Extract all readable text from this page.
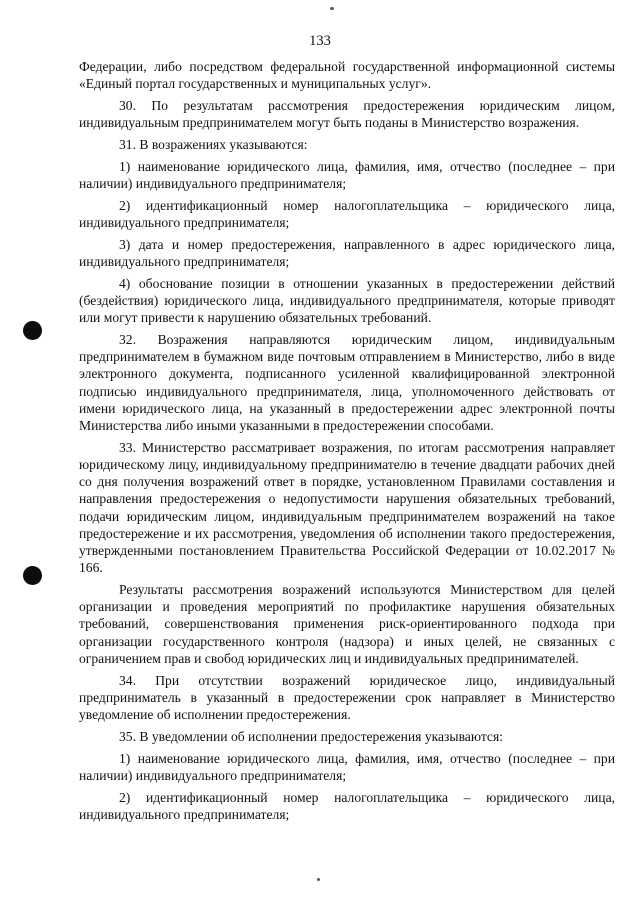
133

Федерации, либо посредством федеральной государственной информационной системы «Единый портал государственных и муниципальных услуг».

30. По результатам рассмотрения предостережения юридическим лицом, индивидуальным предпринимателем могут быть поданы в Министерство возражения.

31. В возражениях указываются:

1) наименование юридического лица, фамилия, имя, отчество (последнее – при наличии) индивидуального предпринимателя;

2) идентификационный номер налогоплательщика – юридического лица, индивидуального предпринимателя;

3) дата и номер предостережения, направленного в адрес юридического лица, индивидуального предпринимателя;

4) обоснование позиции в отношении указанных в предостережении действий (бездействия) юридического лица, индивидуального предпринимателя, которые приводят или могут привести к нарушению обязательных требований.

32. Возражения направляются юридическим лицом, индивидуальным предпринимателем в бумажном виде почтовым отправлением в Министерство, либо в виде электронного документа, подписанного усиленной квалифицированной электронной подписью индивидуального предпринимателя, лица, уполномоченного действовать от имени юридического лица, на указанный в предостережении адрес электронной почты Министерства либо иными указанными в предостережении способами.

33. Министерство рассматривает возражения, по итогам рассмотрения направляет юридическому лицу, индивидуальному предпринимателю в течение двадцати рабочих дней со дня получения возражений ответ в порядке, установленном Правилами составления и направления предостережения о недопустимости нарушения обязательных требований, подачи юридическим лицом, индивидуальным предпринимателем возражений на такое предостережение и их рассмотрения, уведомления об исполнении такого предостережения, утвержденными постановлением Правительства Российской Федерации от 10.02.2017 № 166.

Результаты рассмотрения возражений используются Министерством для целей организации и проведения мероприятий по профилактике нарушения обязательных требований, совершенствования применения риск-ориентированного подхода при организации государственного контроля (надзора) и иных целей, не связанных с ограничением прав и свобод юридических лиц и индивидуальных предпринимателей.

34. При отсутствии возражений юридическое лицо, индивидуальный предприниматель в указанный в предостережении срок направляет в Министерство уведомление об исполнении предостережения.

35. В уведомлении об исполнении предостережения указываются:

1) наименование юридического лица, фамилия, имя, отчество (последнее – при наличии) индивидуального предпринимателя;

2) идентификационный номер налогоплательщика – юридического лица, индивидуального предпринимателя;
